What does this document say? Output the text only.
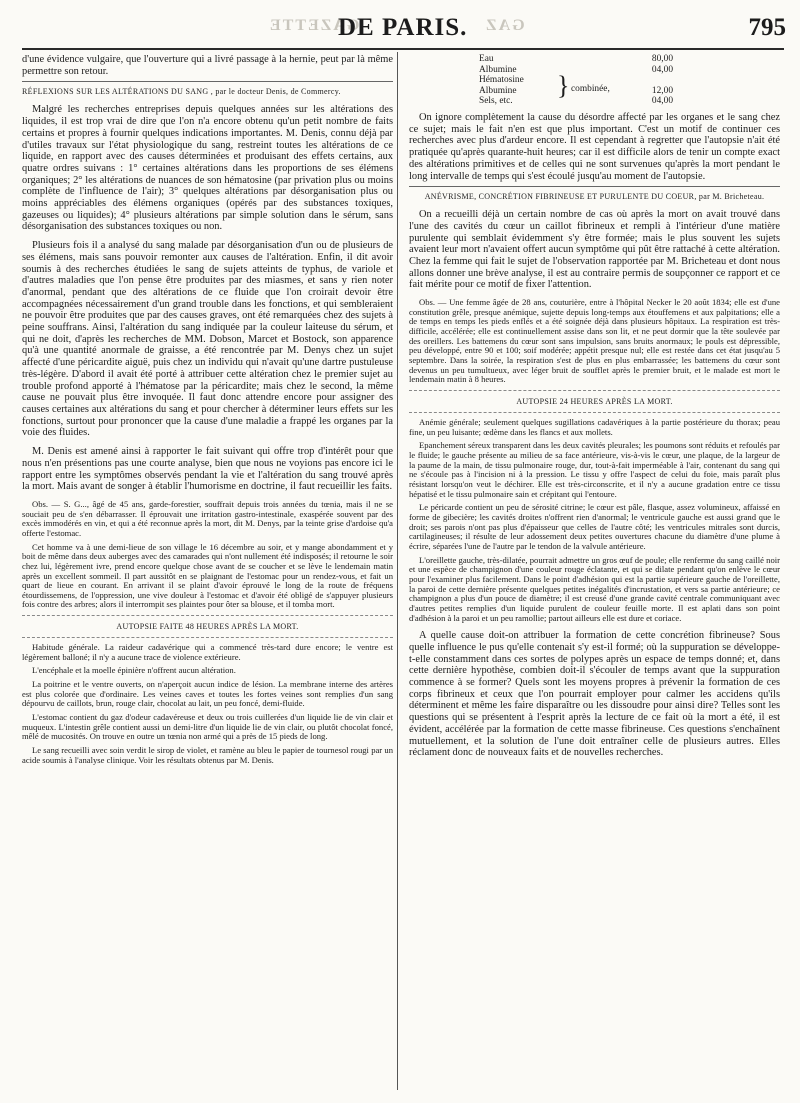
GAZETTE
DE PARIS. GAZ	795

d'une évidence vulgaire, que l'ouverture qui a livré passage à la hernie, peut par là même permettre son retour.

RÉFLEXIONS SUR LES ALTÉRATIONS DU SANG , par le docteur Denis, de Commercy.

Malgré les recherches entreprises depuis quelques années sur les altérations des liquides, il est trop vrai de dire que l'on n'a encore obtenu qu'un petit nombre de faits certains et propres à fournir quelques indications importantes. M. Denis, connu déjà par d'utiles travaux sur l'état physiologique du sang, restreint toutes les altérations de ce liquide, en rapport avec des causes déterminées et produisant des effets certains, aux quatre ordres suivans : 1° certaines altérations dans les proportions de ses élémens organiques; 2° les altérations de nuances de son hématosine (par privation plus ou moins complète de l'influence de l'air); 3° quelques altérations par désorganisation plus ou moins appréciables des élémens organiques (opérés par des substances toxiques, gazeuses ou liquides); 4° plusieurs altérations par simple solution dans le sérum, sans désorganisation des substances toxiques ou non.

Plusieurs fois il a analysé du sang malade par désorganisation d'un ou de plusieurs de ses élémens, mais sans pouvoir remonter aux causes de l'altération. Enfin, il dit avoir soumis à des recherches étudiées le sang de sujets atteints de typhus, de variole et d'autres maladies que l'on pense être produites par des miasmes, et sans y rien noter d'anormal, pendant que des altérations de ce fluide que l'on croirait devoir être accompagnées nécessairement d'un grand trouble dans les fonctions, et qui sembleraient ne pouvoir être produites que par des causes graves, ont été remarquées chez des sujets à peine souffrans. Ainsi, l'altération du sang indiquée par la couleur laiteuse du sérum, et qui ne doit, d'après les recherches de MM. Dobson, Marcet et Bostock, son apparence qu'à une quantité anormale de graisse, a été rencontrée par M. Denys chez un sujet affecté d'une péricardite aiguë, puis chez un individu qui n'avait qu'une dartre pustuleuse très-légère. D'abord il avait été porté à attribuer cette altération chez le premier sujet au trouble profond apporté à l'hématose par la péricardite; mais chez le second, la même cause ne pouvait plus être invoquée. Il faut donc attendre encore pour assigner des causes certaines aux altérations du sang et pour chercher à déterminer leurs effets sur les fonctions, surtout pour prononcer que la cause d'une maladie a frappé les organes par la voie des fluides.

M. Denis est amené ainsi à rapporter le fait suivant qui offre trop d'intérêt pour que nous n'en présentions pas une courte analyse, bien que nous ne voyions pas encore ici le rapport entre les symptômes observés pendant la vie et l'altération du sang trouvé après la mort. Mais avant de songer à établir l'humorisme en doctrine, il faut recueillir les faits.

Obs. — S. G..., âgé de 45 ans, garde-forestier, souffrait depuis trois années du tœnia, mais il ne se souciait peu de s'en débarrasser. Il éprouvait une irritation gastro-intestinale, exaspérée souvent par des excès immodérés en vin, et qui a été reconnue après la mort, dit M. Denys, par la teinte grise d'ardoise qu'a offerte l'estomac.

Cet homme va à une demi-lieue de son village le 16 décembre au soir, et y mange abondamment et y boit de même dans deux auberges avec des camarades qui n'ont nullement été indisposés; il retourne le soir chez lui, légèrement ivre, prend encore quelque chose avant de se coucher et se lève le lendemain matin après un excellent sommeil. Il part aussitôt en se plaignant de l'estomac pour un rendez-vous, et fait un quart de lieue en courant. En arrivant il se plaint d'avoir éprouvé le long de la route de fréquens étourdissemens, de l'oppression, une vive douleur à l'estomac et d'avoir été obligé de s'appuyer plusieurs fois contre des arbres; alors il interrompit ses plaintes pour ôter sa blouse, et il tomba mort.

AUTOPSIE FAITE 48 HEURES APRÈS LA MORT.

Habitude générale. La raideur cadavérique qui a commencé très-tard dure encore; le ventre est légèrement balloné; il n'y a aucune trace de violence extérieure.

L'encéphale et la moelle épinière n'offrent aucun altération.

La poitrine et le ventre ouverts, on n'aperçoit aucun indice de lésion. La membrane interne des artères est plus colorée que d'ordinaire. Les veines caves et toutes les fortes veines sont remplies d'un sang dépourvu de caillots, brun, rouge clair, chocolat au lait, un peu foncé, demi-fluide.

L'estomac contient du gaz d'odeur cadavéreuse et deux ou trois cuillerées d'un liquide lie de vin clair et muqueux. L'intestin grêle contient aussi un demi-litre d'un liquide lie de vin clair, ou plutôt chocolat foncé, mêlé de mucosités. On trouve en outre un tœnia non armé qui a près de 15 pieds de long.

Le sang recueilli avec soin verdit le sirop de violet, et ramène au bleu le papier de tournesol rougi par un acide soumis à l'analyse clinique. Voir les résultats obtenus par M. Denis.

Eau
Albumine
Hématosine
Albumine
Sels, etc.
} combinée,
80,00
04,00
12,00
04,00

On ignore complètement la cause du désordre affecté par les organes et le sang chez ce sujet; mais le fait n'en est que plus important. C'est un motif de continuer ces recherches avec plus d'ardeur encore. Il est cependant à regretter que l'autopsie n'ait été pratiquée qu'après quarante-huit heures; car il est difficile alors de tenir un compte exact des altérations primitives et de celles qui ne sont survenues qu'après la mort pendant le long intervalle de temps qui s'est écoulé jusqu'au moment de l'autopsie.

ANÉVRISME, CONCRÉTION FIBRINEUSE ET PURULENTE DU COEUR, par M. Bricheteau.

On a recueilli déjà un certain nombre de cas où après la mort on avait trouvé dans l'une des cavités du cœur un caillot fibrineux et rempli à l'intérieur d'une matière purulente qui semblait évidemment s'y être formée; mais le plus souvent les sujets avaient leur mort n'avaient offert aucun symptôme qui pût être rattaché à cette altération. Chez la femme qui fait le sujet de l'observation rapportée par M. Bricheteau et dont nous allons donner une brève analyse, il est au contraire permis de soupçonner ce rapport et ce fait mérite pour ce motif de fixer l'attention.

Obs. — Une femme âgée de 28 ans, couturière, entre à l'hôpital Necker le 20 août 1834; elle est d'une constitution grêle, presque anémique, sujette depuis long-temps aux étouffemens et aux palpitations; elle a de temps en temps les pieds enflés et a été soignée déjà dans plusieurs hôpitaux. La respiration est très-difficile, accélérée; elle est continuellement assise dans son lit, et ne peut dormir que la tête soulevée par des oreillers. Les battemens du cœur sont sans impulsion, sans bruits anormaux; le pouls est dépressible, peu développé, entre 90 et 100; soif modérée; appétit presque nul; elle est restée dans cet état jusqu'au 5 septembre. Dans la soirée, la respiration s'est de plus en plus embarrassée; les battemens du cœur sont devenus un peu tumultueux, avec léger bruit de soufflet après le premier bruit, et le malade est mort le lendemain matin à 8 heures.

AUTOPSIE 24 HEURES APRÈS LA MORT.

Anémie générale; seulement quelques sugillations cadavériques à la partie postérieure du thorax; peau fine, un peu luisante; œdème dans les flancs et aux mollets.

Epanchement séreux transparent dans les deux cavités pleurales; les poumons sont réduits et refoulés par le fluide; le gauche présente au milieu de sa face antérieure, vis-à-vis le cœur, une plaque, de la largeur de la paume de la main, de tissu pulmonaire rouge, dur, tout-à-fait imperméable à l'air, contenant du sang qui ne s'écoule pas à l'incision ni à la pression. Le tissu y offre l'aspect de celui du foie, mais paraît plus résistant lorsqu'on veut le déchirer. Elle est très-circonscrite, et il n'y a aucune gradation entre ce tissu hépatisé et le tissu pulmonaire sain et crépitant qui l'entoure.

Le péricarde contient un peu de sérosité citrine; le cœur est pâle, flasque, assez volumineux, affaissé en forme de gibecière; les cavités droites n'offrent rien d'anormal; le ventricule gauche est aussi grand que le droit; ses parois n'ont pas plus d'épaisseur que celles de l'autre côté; les ventricules mitrales sont durcis, cartilagineuses; il résulte de leur adossement deux petites ouvertures chacune du diamètre d'une plume à écrire, séparées l'une de l'autre par le tendon de la valvule antérieure.

L'oreillette gauche, très-dilatée, pourrait admettre un gros œuf de poule; elle renferme du sang caillé noir et une espèce de champignon d'une couleur rouge éclatante, et qui se dilate pendant qu'on enlève le cœur pour l'examiner plus facilement. Dans le point d'adhésion qui est la partie supérieure gauche de l'oreillette, la paroi de cette dernière présente quelques petites inégalités d'incrustation, et vers sa partie antérieure; ce champignon a plus d'un pouce de diamètre; il est creusé d'une grande cavité centrale communiquant avec d'autres petites remplies d'un liquide purulent de couleur feuille morte. Il est aplati dans son point d'adhésion à la paroi et un peu ramollie; partout ailleurs elle est dure et coriace.

A quelle cause doit-on attribuer la formation de cette concrétion fibrineuse? Sous quelle influence le pus qu'elle contenait s'y est-il formé; où la suppuration se développe-t-elle constamment dans ces sortes de polypes après un espace de temps donné; et, dans cette dernière hypothèse, combien doit-il s'écouler de temps avant que la suppuration commence à se former? Quels sont les moyens propres à prévenir la formation de ces corps fibrineux et ceux que l'on pourrait employer pour calmer les accidens qu'ils déterminent et même les faire disparaître ou les dissoudre pour ainsi dire? Telles sont les questions qui se présentent à l'esprit après la lecture de ce fait où la mort a été, il est évident, accélérée par la formation de cette masse fibrineuse. Ces questions s'enchaînent mutuellement, et la solution de l'une doit entraîner celle de plusieurs autres. Elles réclament donc de nouveaux faits et de nouvelles recherches.
